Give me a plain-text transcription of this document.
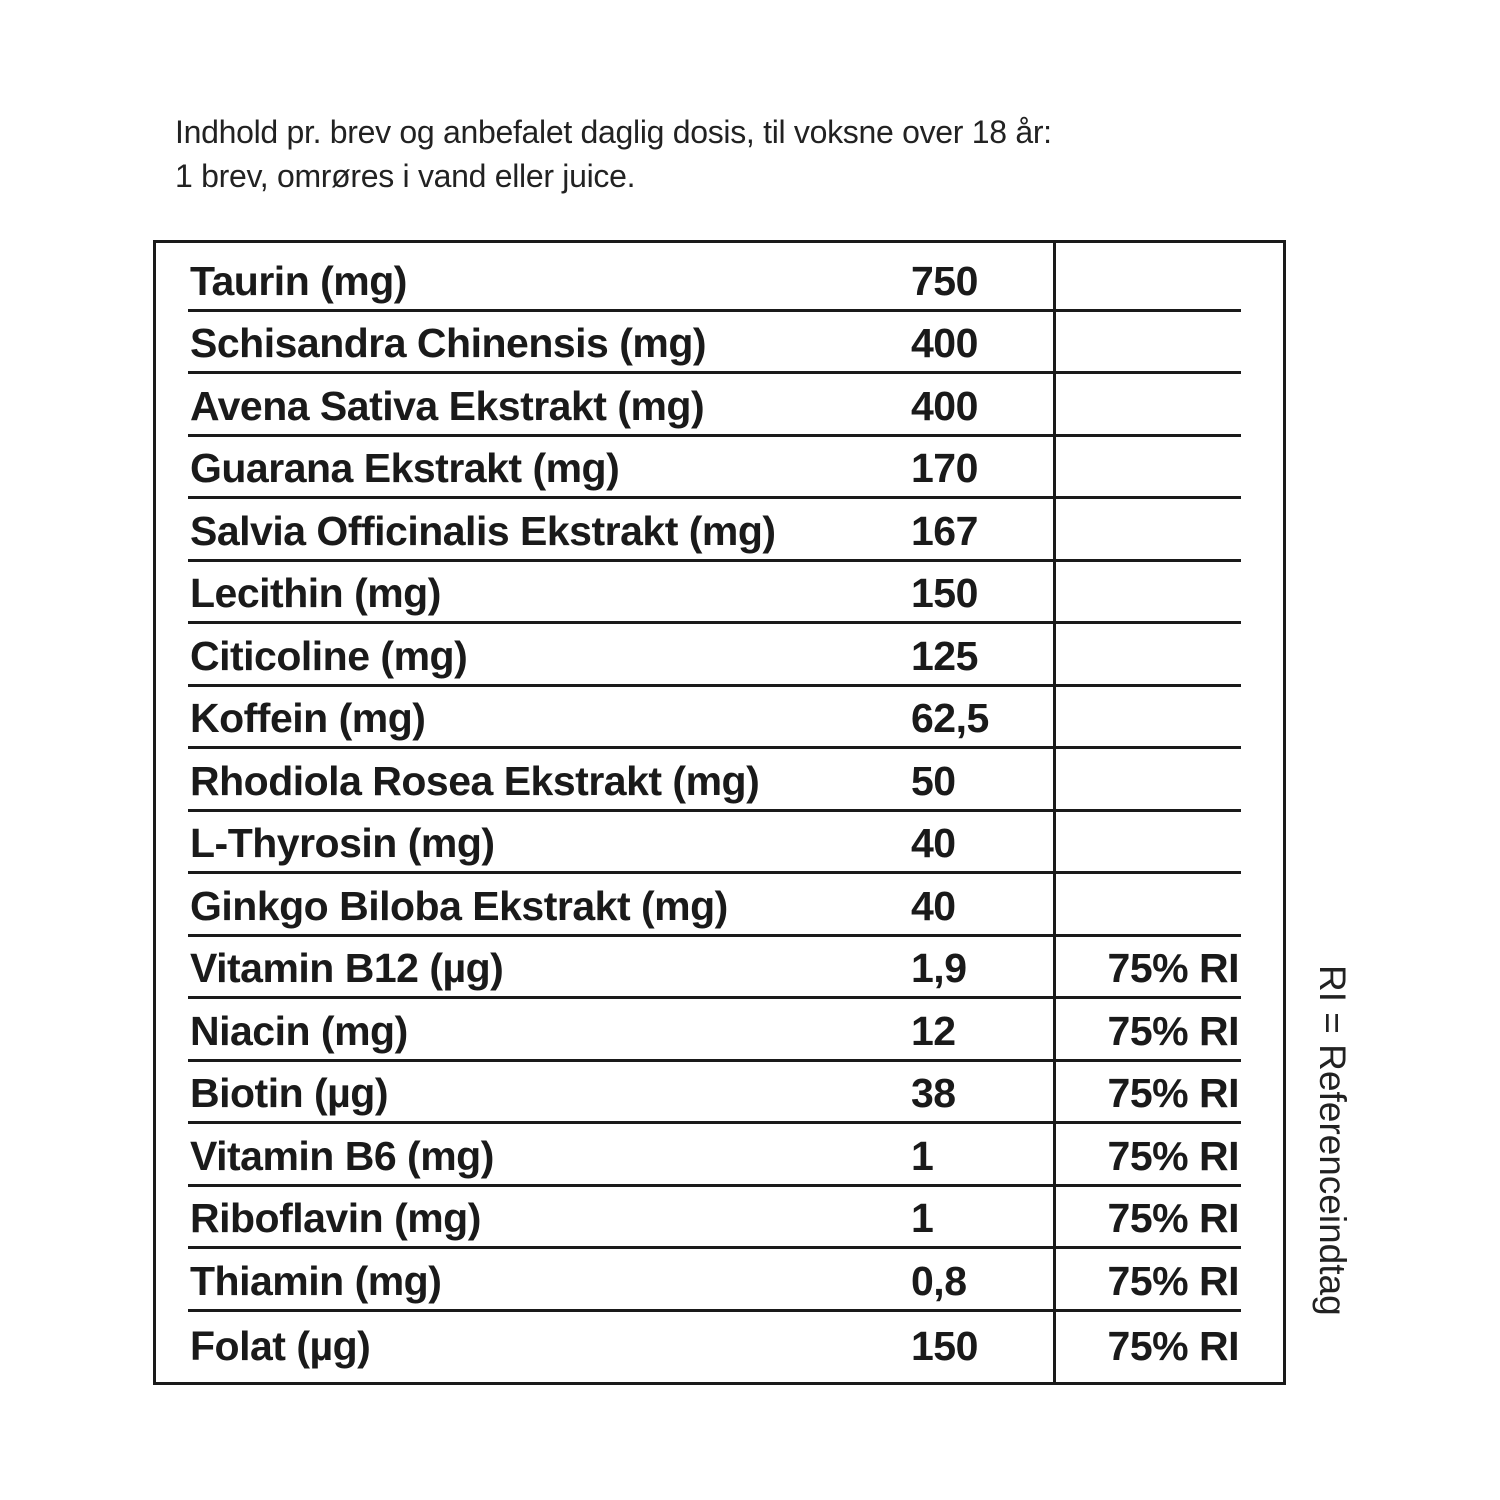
Indhold pr. brev og anbefalet daglig dosis, til voksne over 18 år:
1 brev, omrøres i vand eller juice.
Taurin (mg)	750
Schisandra Chinensis (mg)	400
Avena Sativa Ekstrakt (mg)	400
Guarana Ekstrakt (mg)	170
Salvia Officinalis Ekstrakt (mg)	167
Lecithin (mg)	150
Citicoline (mg)	125
Koffein (mg)	62,5
Rhodiola Rosea Ekstrakt (mg)	50
L-Thyrosin (mg)	40
Ginkgo Biloba Ekstrakt (mg)	40
Vitamin B12 (µg)	1,9	75% RI
Niacin (mg)	12	75% RI
Biotin (µg)	38	75% RI
Vitamin B6 (mg)	1	75% RI
Riboflavin (mg)	1	75% RI
Thiamin (mg)	0,8	75% RI
Folat (µg)	150	75% RI
RI = Referenceindtag
